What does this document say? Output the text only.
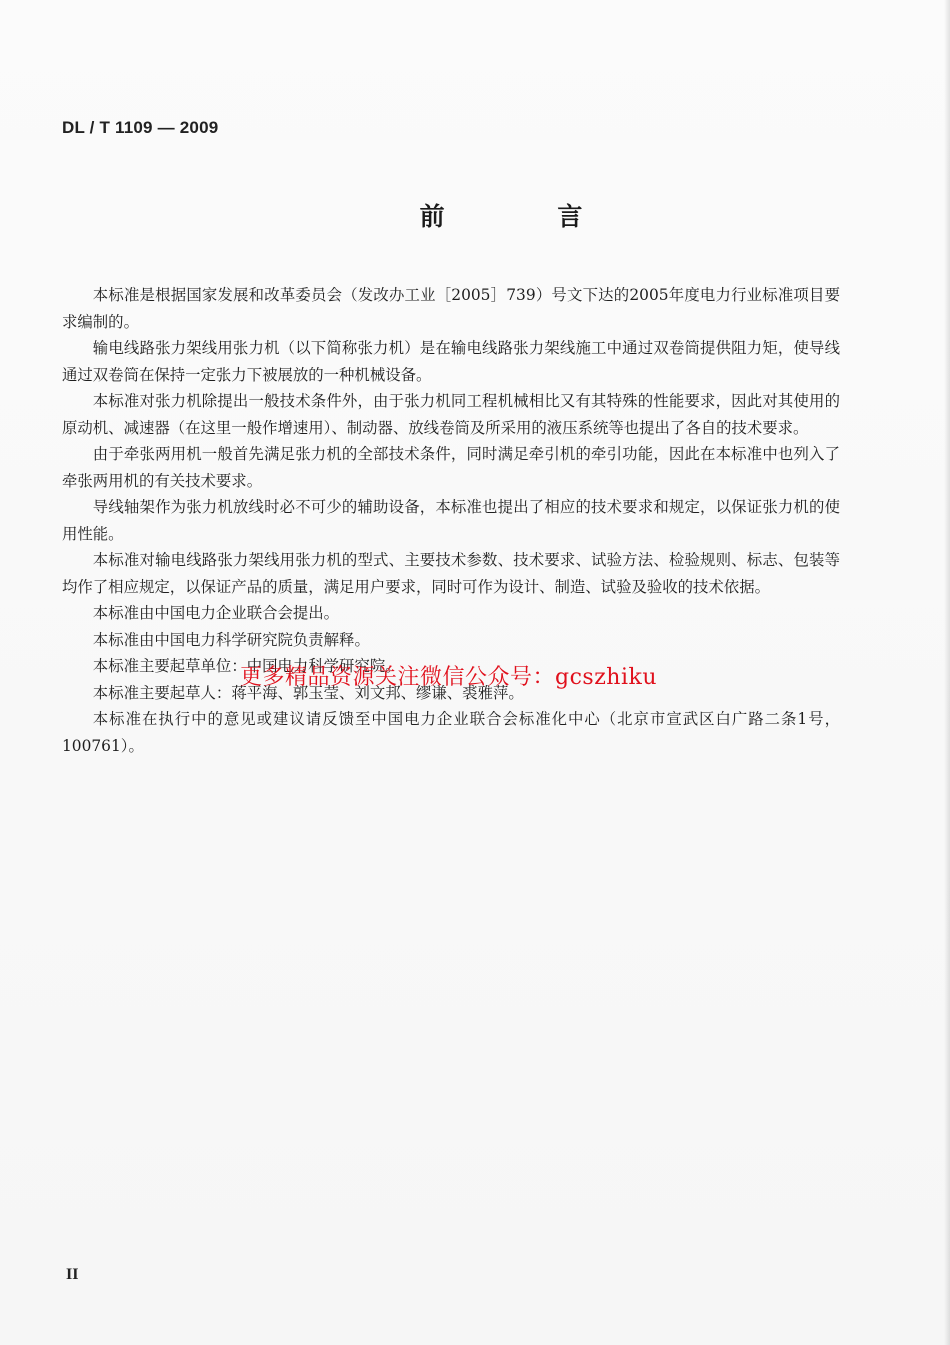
DL / T 1109 — 2009
前 言

本标准是根据国家发展和改革委员会（发改办工业［2005］739）号文下达的2005年度电力行业标准项目要求编制的。

输电线路张力架线用张力机（以下简称张力机）是在输电线路张力架线施工中通过双卷筒提供阻力矩，使导线通过双卷筒在保持一定张力下被展放的一种机械设备。

本标准对张力机除提出一般技术条件外，由于张力机同工程机械相比又有其特殊的性能要求，因此对其使用的原动机、减速器（在这里一般作增速用）、制动器、放线卷筒及所采用的液压系统等也提出了各自的技术要求。

由于牵张两用机一般首先满足张力机的全部技术条件，同时满足牵引机的牵引功能，因此在本标准中也列入了牵张两用机的有关技术要求。

导线轴架作为张力机放线时必不可少的辅助设备，本标准也提出了相应的技术要求和规定，以保证张力机的使用性能。

本标准对输电线路张力架线用张力机的型式、主要技术参数、技术要求、试验方法、检验规则、标志、包装等均作了相应规定，以保证产品的质量，满足用户要求，同时可作为设计、制造、试验及验收的技术依据。

本标准由中国电力企业联合会提出。

本标准由中国电力科学研究院负责解释。

本标准主要起草单位：中国电力科学研究院。

本标准主要起草人：蒋平海、郭玉莹、刘文邦、缪谦、裘雅萍。

本标准在执行中的意见或建议请反馈至中国电力企业联合会标准化中心（北京市宣武区白广路二条1号，100761）。

更多精品资源关注微信公众号：gcszhiku
II
